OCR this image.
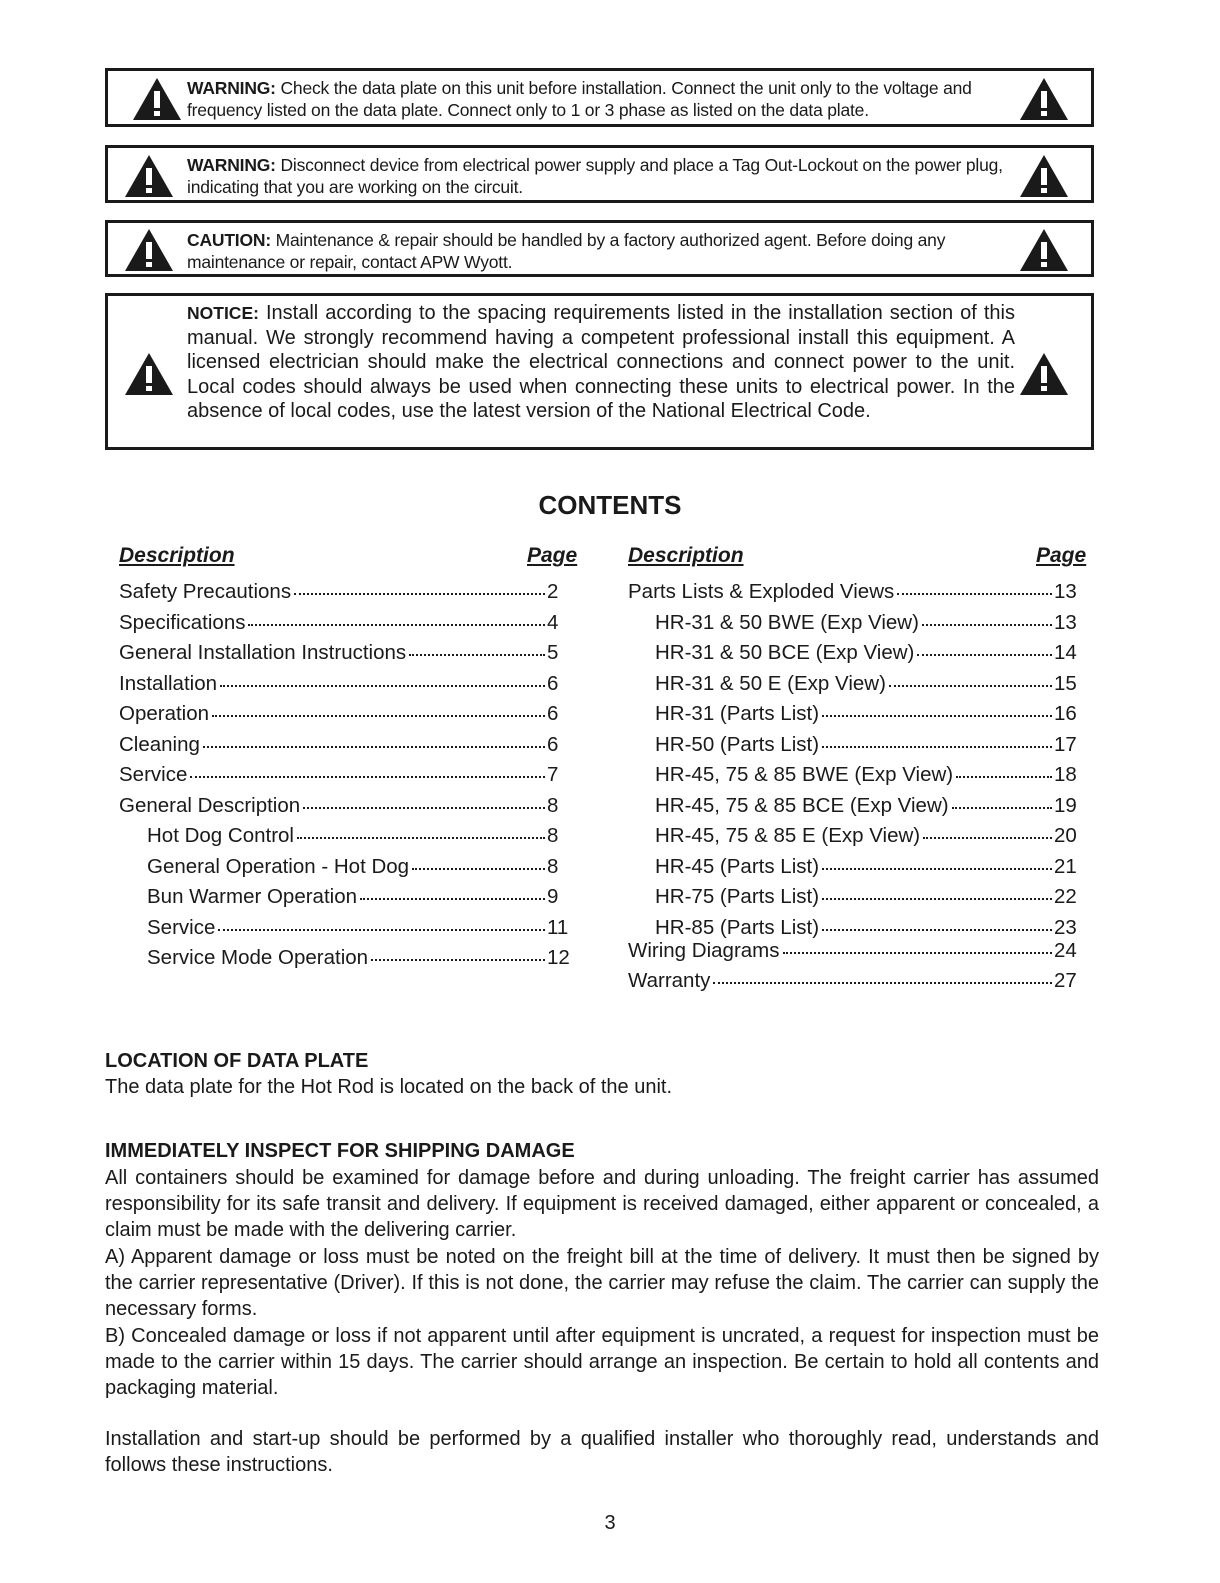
WARNING: Check the data plate on this unit before installation. Connect the unit only to the voltage and frequency listed on the data plate. Connect only to 1 or 3 phase as listed on the data plate.
WARNING: Disconnect device from electrical power supply and place a Tag Out-Lockout on the power plug, indicating that you are working on the circuit.
CAUTION: Maintenance & repair should be handled by a factory authorized agent. Before doing any maintenance or repair, contact APW Wyott.
NOTICE: Install according to the spacing requirements listed in the installation section of this manual. We strongly recommend having a competent professional install this equipment. A licensed electrician should make the electrical connections and connect power to the unit. Local codes should always be used when connecting these units to electrical power. In the absence of local codes, use the latest version of the National Electrical Code.
CONTENTS
Description	Page Description	Page
Safety Precautions	2
Specifications	4
General Installation Instructions	5
Installation	6
Operation	6
Cleaning	6
Service	7
General Description	8
Hot Dog Control	8
General Operation - Hot Dog	8
Bun Warmer Operation	9
Service	11
Service Mode Operation	12
Parts Lists & Exploded Views	13
HR-31 & 50 BWE (Exp View)	13
HR-31 & 50 BCE (Exp View)	14
HR-31 & 50 E (Exp View)	15
HR-31 (Parts List)	16
HR-50 (Parts List)	17
HR-45, 75 & 85 BWE (Exp View)	18
HR-45, 75 & 85 BCE (Exp View)	19
HR-45, 75 & 85 E (Exp View)	20
HR-45 (Parts List)	21
HR-75 (Parts List)	22
HR-85 (Parts List)	23
Wiring Diagrams	24
Warranty	27
LOCATION OF DATA PLATE
The data plate for the Hot Rod is located on the back of the unit.
IMMEDIATELY INSPECT FOR SHIPPING DAMAGE
All containers should be examined for damage before and during unloading. The freight carrier has assumed responsibility for its safe transit and delivery. If equipment is received damaged, either apparent or concealed, a claim must be made with the delivering carrier.
A) Apparent damage or loss must be noted on the freight bill at the time of delivery. It must then be signed by the carrier representative (Driver). If this is not done, the carrier may refuse the claim. The carrier can supply the necessary forms.
B) Concealed damage or loss if not apparent until after equipment is uncrated, a request for inspection must be made to the carrier within 15 days. The carrier should arrange an inspection. Be certain to hold all contents and packaging material.
Installation and start-up should be performed by a qualified installer who thoroughly read, understands and follows these instructions.
3
